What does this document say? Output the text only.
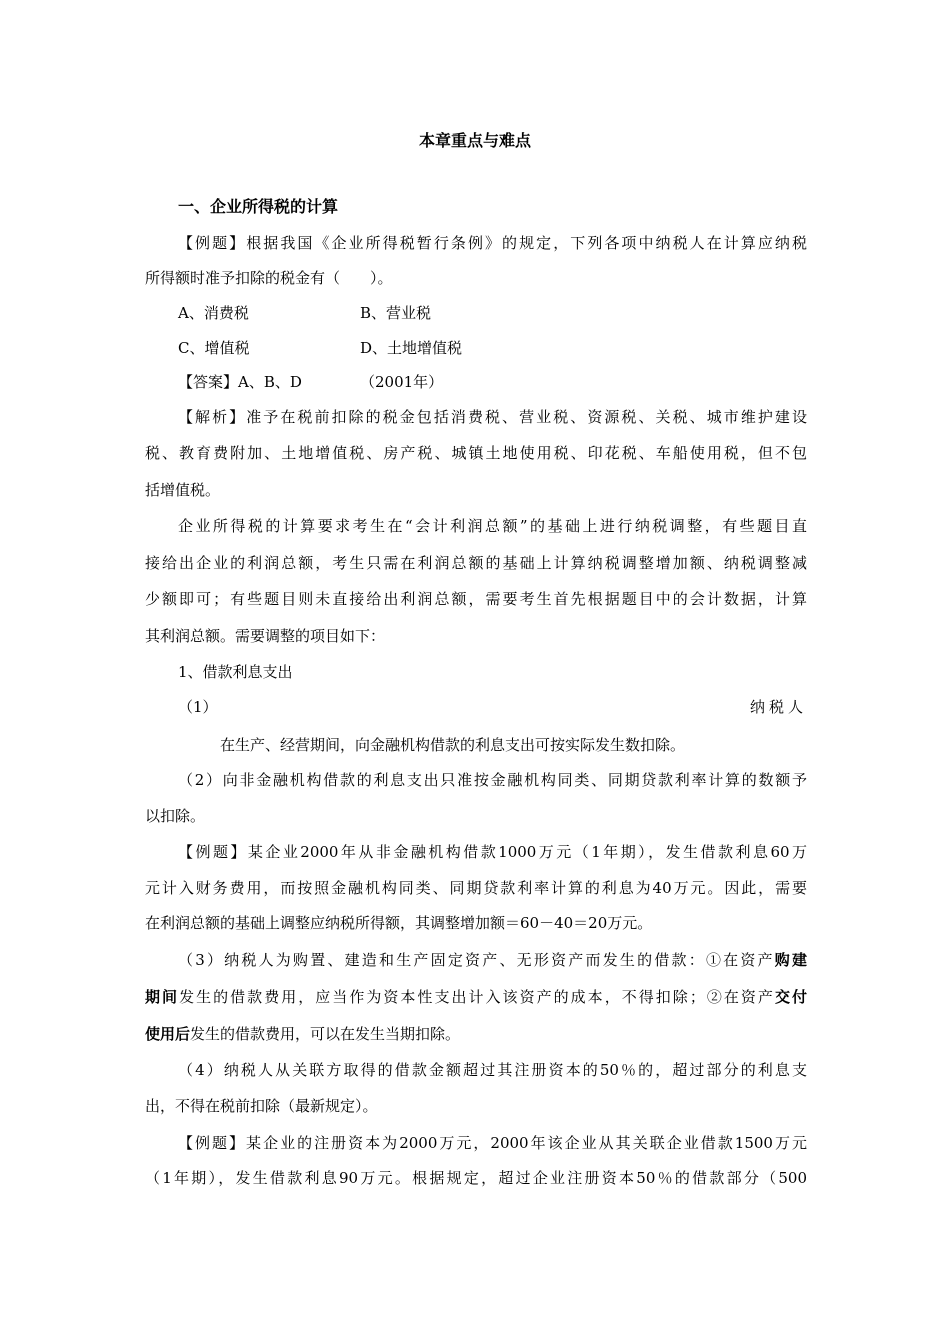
本章重点与难点
一、企业所得税的计算
【例题】根据我国《企业所得税暂行条例》的规定，下列各项中纳税人在计算应纳税
所得额时准予扣除的税金有（　　）。
A、消费税	B、营业税
C、增值税	D、土地增值税
【答案】A、B、D	（2001年）
【解析】准予在税前扣除的税金包括消费税、营业税、资源税、关税、城市维护建设
税、教育费附加、土地增值税、房产税、城镇土地使用税、印花税、车船使用税，但不包
括增值税。
企业所得税的计算要求考生在“会计利润总额”的基础上进行纳税调整，有些题目直
接给出企业的利润总额，考生只需在利润总额的基础上计算纳税调整增加额、纳税调整减
少额即可；有些题目则未直接给出利润总额，需要考生首先根据题目中的会计数据，计算
其利润总额。需要调整的项目如下：
1、借款利息支出
（1）	纳税人
在生产、经营期间，向金融机构借款的利息支出可按实际发生数扣除。
（2）向非金融机构借款的利息支出只准按金融机构同类、同期贷款利率计算的数额予
以扣除。
【例题】某企业2000年从非金融机构借款1000万元（1年期），发生借款利息60万
元计入财务费用，而按照金融机构同类、同期贷款利率计算的利息为40万元。因此，需要
在利润总额的基础上调整应纳税所得额，其调整增加额＝60－40＝20万元。
（3）纳税人为购置、建造和生产固定资产、无形资产而发生的借款：①在资产购建
期间发生的借款费用，应当作为资本性支出计入该资产的成本，不得扣除；②在资产交付
使用后发生的借款费用，可以在发生当期扣除。
（4）纳税人从关联方取得的借款金额超过其注册资本的50％的，超过部分的利息支
出，不得在税前扣除（最新规定）。
【例题】某企业的注册资本为2000万元，2000年该企业从其关联企业借款1500万元
（1年期），发生借款利息90万元。根据规定，超过企业注册资本50％的借款部分（500
